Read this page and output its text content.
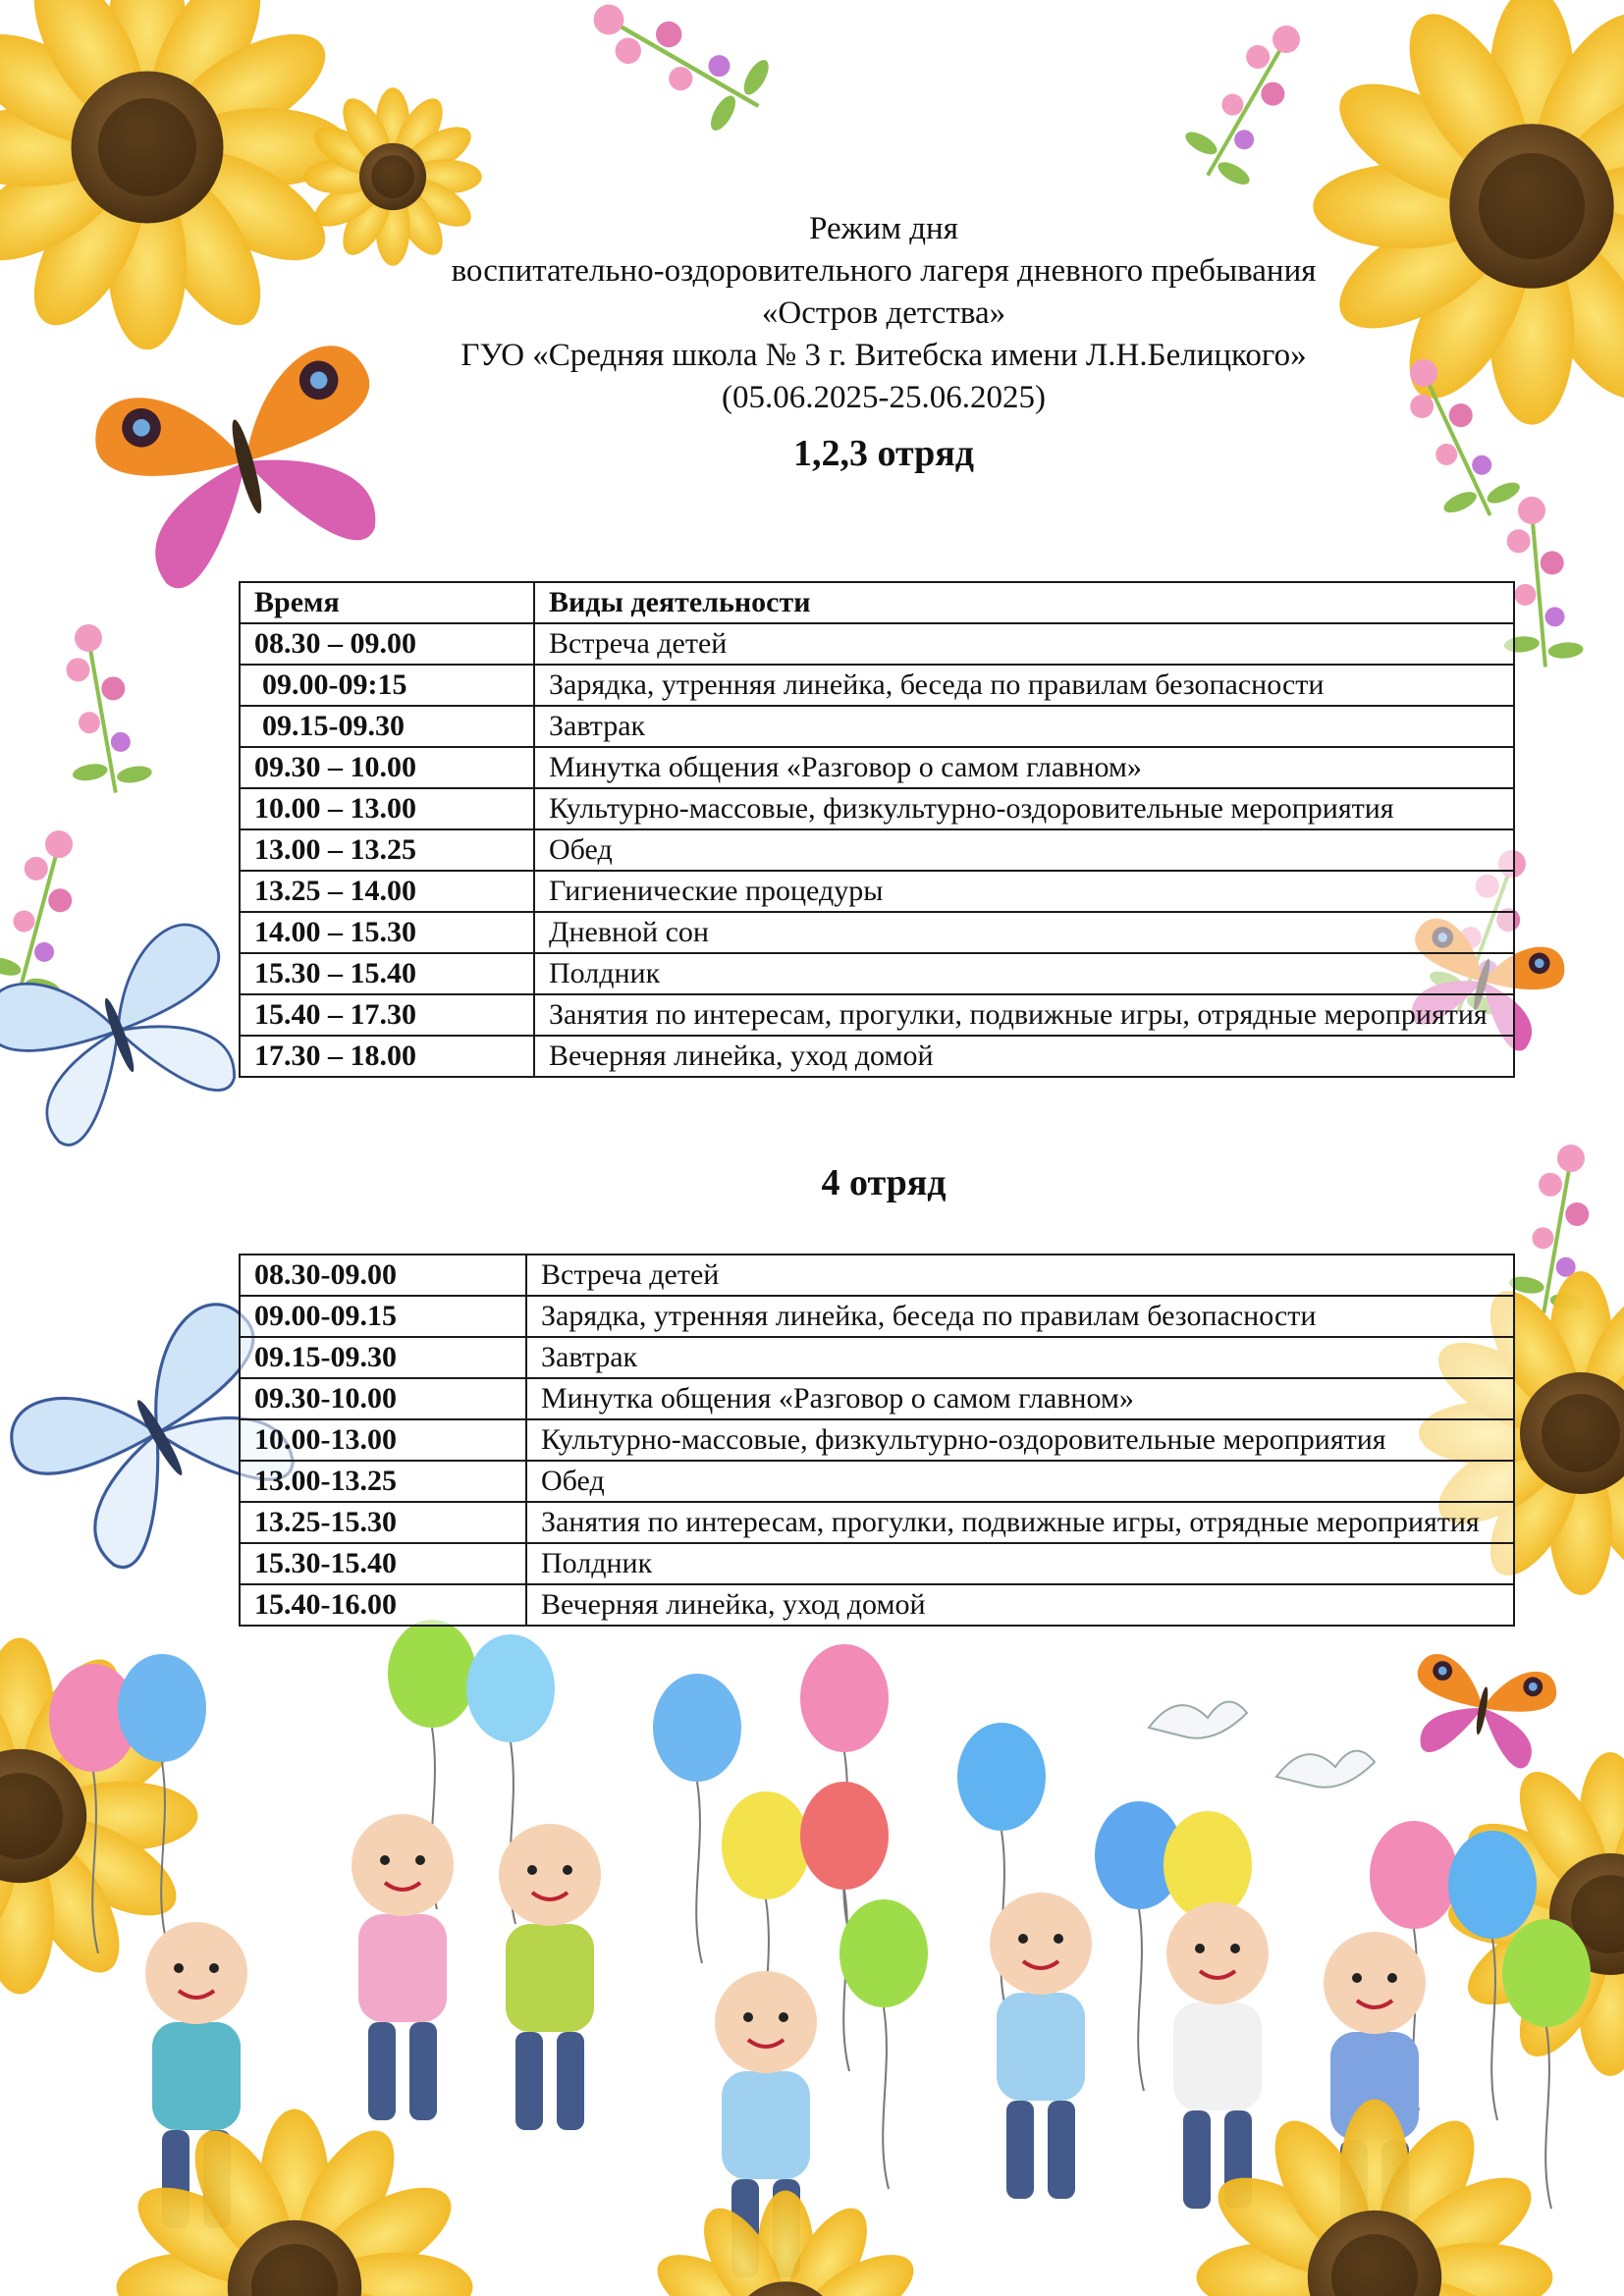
Режим дня
воспитательно-оздоровительного лагеря дневного пребывания
«Остров детства»
ГУО «Средняя школа № 3 г. Витебска имени Л.Н.Белицкого»
(05.06.2025-25.06.2025)
1,2,3 отряд
Время	Виды деятельности
08.30 – 09.00	Встреча детей
09.00-09:15	Зарядка, утренняя линейка, беседа по правилам безопасности
09.15-09.30	Завтрак
09.30 – 10.00	Минутка общения «Разговор о самом главном»
10.00 – 13.00	Культурно-массовые, физкультурно-оздоровительные мероприятия
13.00 – 13.25	Обед
13.25 – 14.00	Гигиенические процедуры
14.00 – 15.30	Дневной сон
15.30 – 15.40	Полдник
15.40 – 17.30	Занятия по интересам, прогулки, подвижные игры, отрядные мероприятия
17.30 – 18.00	Вечерняя линейка, уход домой
4 отряд
08.30-09.00	Встреча детей
09.00-09.15	Зарядка, утренняя линейка, беседа по правилам безопасности
09.15-09.30	Завтрак
09.30-10.00	Минутка общения «Разговор о самом главном»
10.00-13.00	Культурно-массовые, физкультурно-оздоровительные мероприятия
13.00-13.25	Обед
13.25-15.30	Занятия по интересам, прогулки, подвижные игры, отрядные мероприятия
15.30-15.40	Полдник
15.40-16.00	Вечерняя линейка, уход домой
